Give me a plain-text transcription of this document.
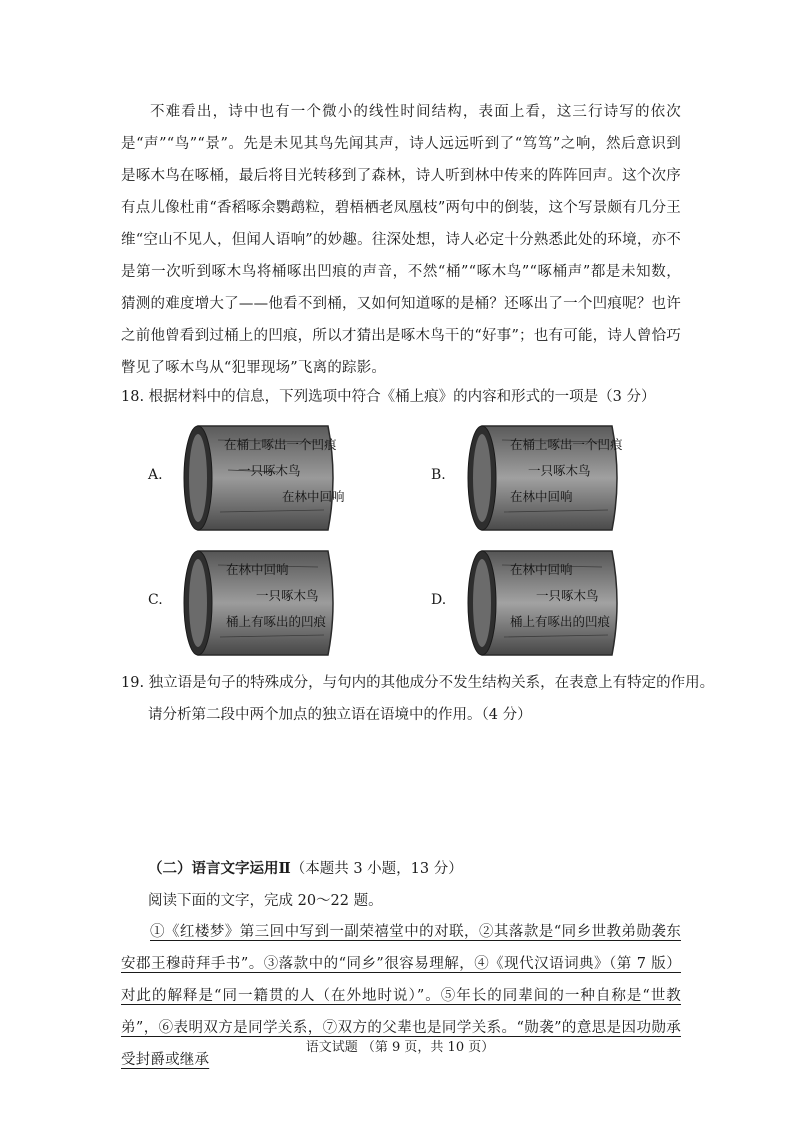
不难看出，诗中也有一个微小的线性时间结构，表面上看，这三行诗写的依次是“声”“鸟”“景”。先是未见其鸟先闻其声，诗人远远听到了“笃笃”之响，然后意识到是啄木鸟在啄桶，最后将目光转移到了森林，诗人听到林中传来的阵阵回声。这个次序有点儿像杜甫“香稻啄余鹦鹉粒，碧梧栖老凤凰枝”两句中的倒装，这个写景颇有几分王维“空山不见人，但闻人语响”的妙趣。往深处想，诗人必定十分熟悉此处的环境，亦不是第一次听到啄木鸟将桶啄出凹痕的声音，不然“桶”“啄木鸟”“啄桶声”都是未知数，猜测的难度增大了——他看不到桶，又如何知道啄的是桶？还啄出了一个凹痕呢？也许之前他曾看到过桶上的凹痕，所以才猜出是啄木鸟干的“好事”；也有可能，诗人曾恰巧瞥见了啄木鸟从“犯罪现场”飞离的踪影。
18. 根据材料中的信息，下列选项中符合《桶上痕》的内容和形式的一项是（3 分）
A.
在桶上啄出一个凹痕
一只啄木鸟
在林中回响
B.
在桶上啄出一个凹痕
一只啄木鸟
在林中回响
C.
在林中回响
一只啄木鸟
桶上有啄出的凹痕
D.
在林中回响
一只啄木鸟
桶上有啄出的凹痕
19. 独立语是句子的特殊成分，与句内的其他成分不发生结构关系，在表意上有特定的作用。
请分析第二段中两个加点的独立语在语境中的作用。（4 分）
（二）语言文字运用Ⅱ（本题共 3 小题，13 分）
阅读下面的文字，完成 20～22 题。
①《红楼梦》第三回中写到一副荣禧堂中的对联，②其落款是“同乡世教弟勋袭东安郡王穆莳拜手书”。③落款中的“同乡”很容易理解，④《现代汉语词典》（第 7 版）对此的解释是“同一籍贯的人（在外地时说）”。⑤年长的同辈间的一种自称是“世教弟”，⑥表明双方是同学关系，⑦双方的父辈也是同学关系。“勋袭”的意思是因功勋承受封爵或继承
语文试题 （第 9 页，共 10 页）
